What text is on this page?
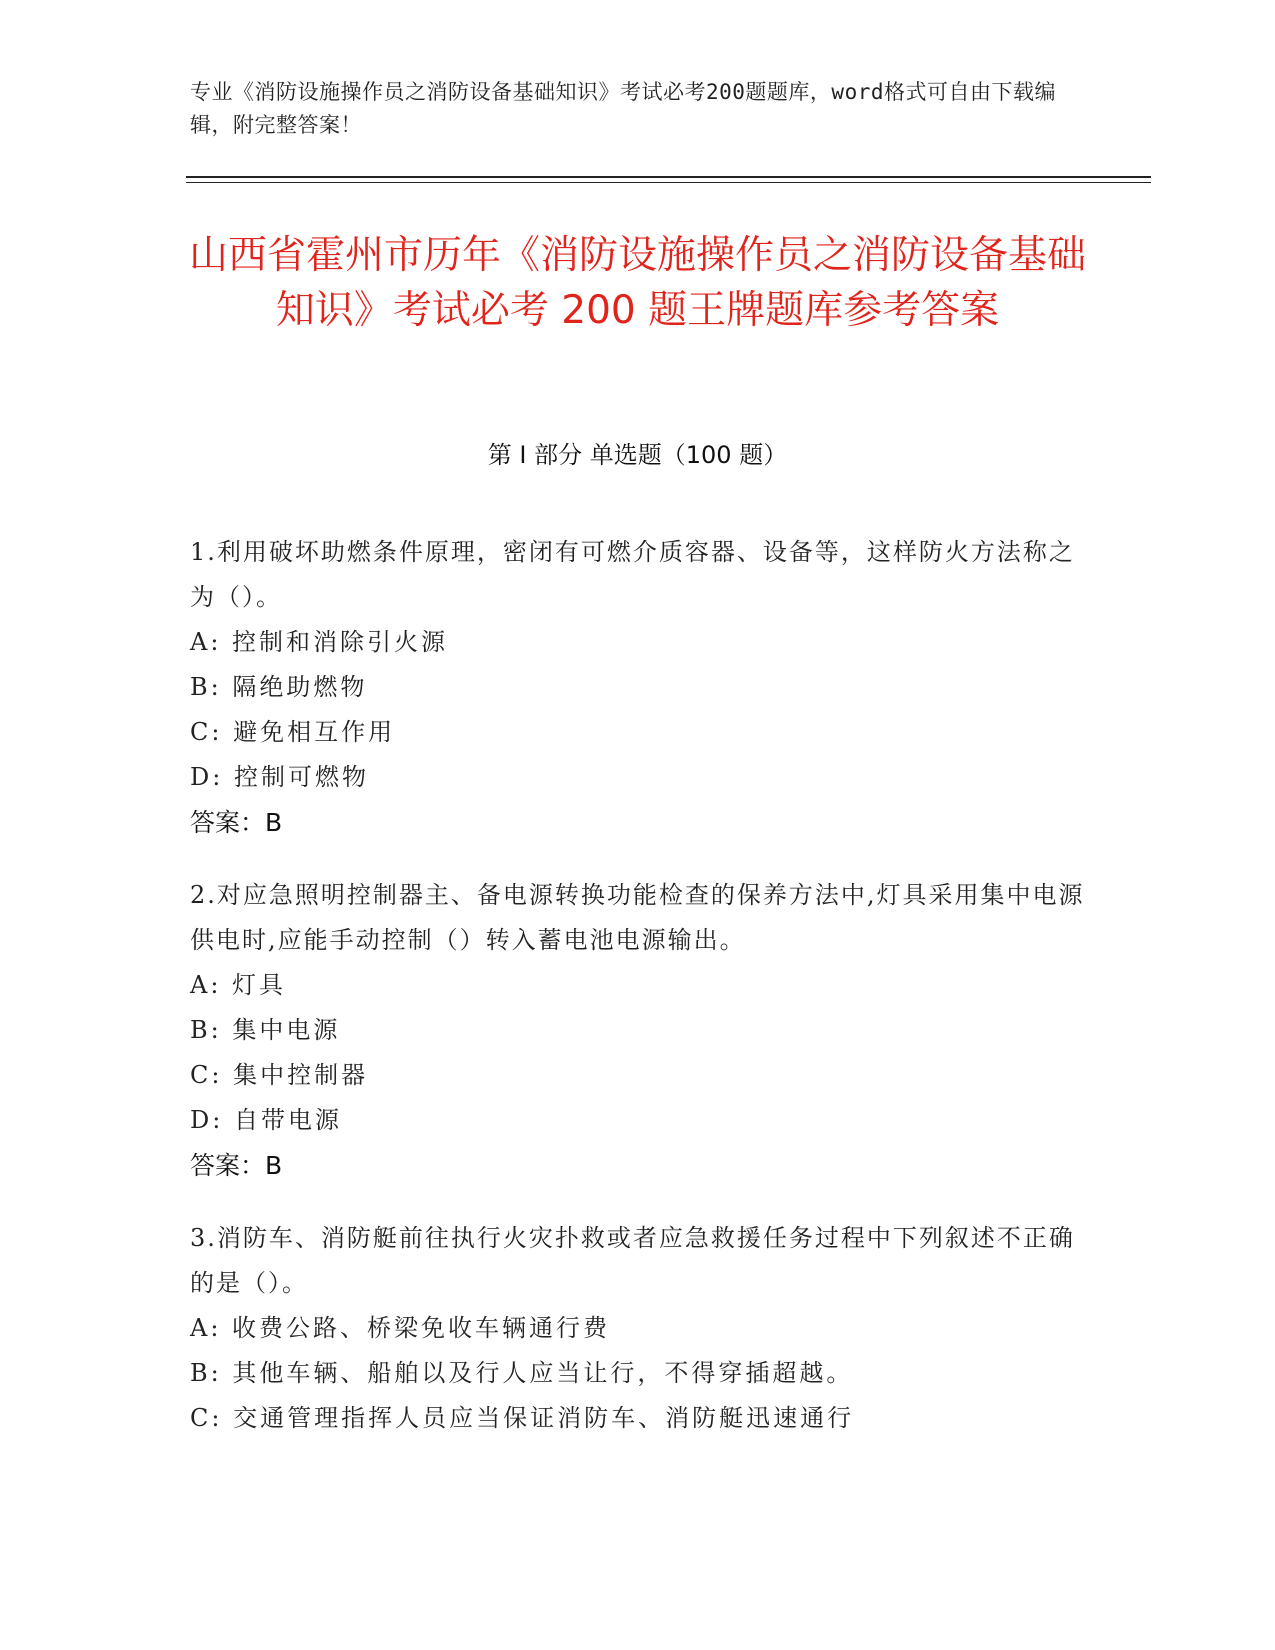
专业《消防设施操作员之消防设备基础知识》考试必考200题题库，word格式可自由下载编辑，附完整答案！
山西省霍州市历年《消防设施操作员之消防设备基础知识》考试必考 200 题王牌题库参考答案
第 I 部分 单选题（100 题）
1.利用破坏助燃条件原理，密闭有可燃介质容器、设备等，这样防火方法称之为（）。
A: 控制和消除引火源
B: 隔绝助燃物
C: 避免相互作用
D: 控制可燃物
答案：B
2.对应急照明控制器主、备电源转换功能检查的保养方法中,灯具采用集中电源供电时,应能手动控制（）转入蓄电池电源输出。
A: 灯具
B: 集中电源
C: 集中控制器
D: 自带电源
答案：B
3.消防车、消防艇前往执行火灾扑救或者应急救援任务过程中下列叙述不正确的是（）。
A: 收费公路、桥梁免收车辆通行费
B: 其他车辆、船舶以及行人应当让行，不得穿插超越。
C: 交通管理指挥人员应当保证消防车、消防艇迅速通行
